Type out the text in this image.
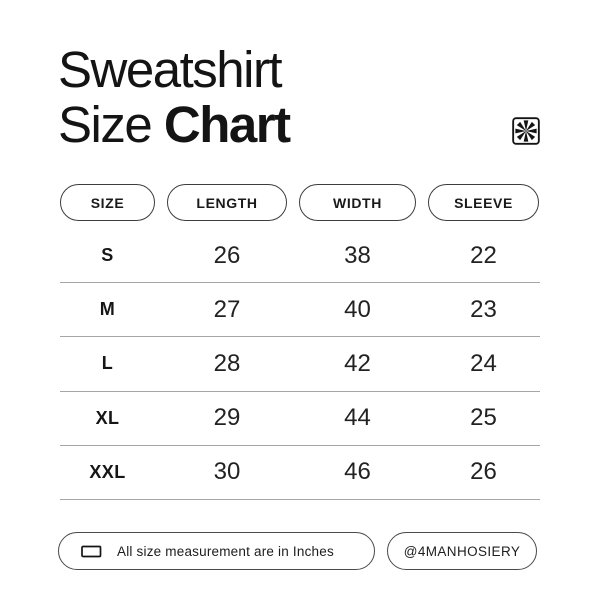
Sweatshirt
Size Chart
SIZE	LENGTH	WIDTH	SLEEVE
S	26	38	22
M	27	40	23
L	28	42	24
XL	29	44	25
XXL	30	46	26
All size measurement are in Inches	@4MANHOSIERY
